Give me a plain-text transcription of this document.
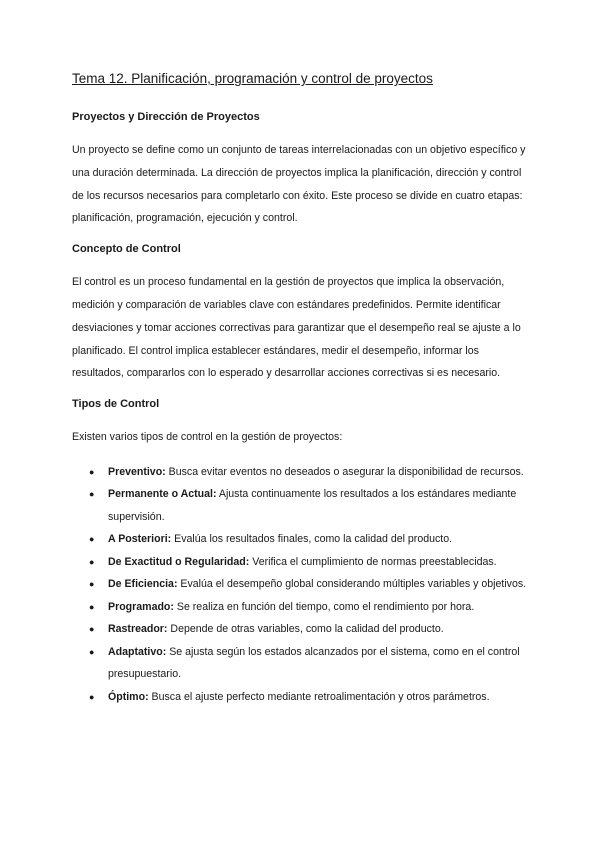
Tema 12. Planificación, programación y control de proyectos
Proyectos y Dirección de Proyectos

Un proyecto se define como un conjunto de tareas interrelacionadas con un objetivo específico y una duración determinada. La dirección de proyectos implica la planificación, dirección y control de los recursos necesarios para completarlo con éxito. Este proceso se divide en cuatro etapas: planificación, programación, ejecución y control.

Concepto de Control

El control es un proceso fundamental en la gestión de proyectos que implica la observación, medición y comparación de variables clave con estándares predefinidos. Permite identificar desviaciones y tomar acciones correctivas para garantizar que el desempeño real se ajuste a lo planificado. El control implica establecer estándares, medir el desempeño, informar los resultados, compararlos con lo esperado y desarrollar acciones correctivas si es necesario.

Tipos de Control

Existen varios tipos de control en la gestión de proyectos:

● Preventivo: Busca evitar eventos no deseados o asegurar la disponibilidad de recursos.
● Permanente o Actual: Ajusta continuamente los resultados a los estándares mediante supervisión.
● A Posteriori: Evalúa los resultados finales, como la calidad del producto.
● De Exactitud o Regularidad: Verifica el cumplimiento de normas preestablecidas.
● De Eficiencia: Evalúa el desempeño global considerando múltiples variables y objetivos.
● Programado: Se realiza en función del tiempo, como el rendimiento por hora.
● Rastreador: Depende de otras variables, como la calidad del producto.
● Adaptativo: Se ajusta según los estados alcanzados por el sistema, como en el control presupuestario.
● Óptimo: Busca el ajuste perfecto mediante retroalimentación y otros parámetros.
